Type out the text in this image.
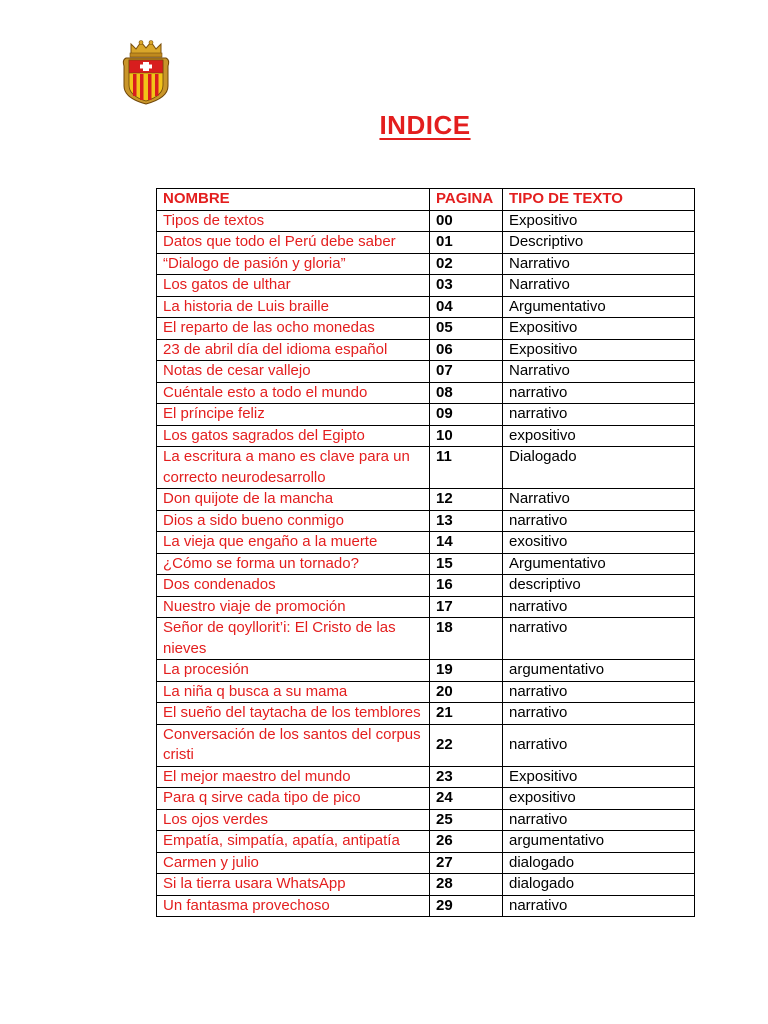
INDICE
NOMBRE	PAGINA	TIPO DE TEXTO
Tipos de textos	00	Expositivo
Datos que todo el Perú debe saber	01	Descriptivo
“Dialogo de pasión y gloria”	02	Narrativo
Los gatos de ulthar	03	Narrativo
La historia de Luis braille	04	Argumentativo
El reparto de las ocho monedas	05	Expositivo
23 de abril día del idioma español	06	Expositivo
Notas de cesar vallejo	07	Narrativo
Cuéntale esto a todo el mundo	08	narrativo
El príncipe feliz	09	narrativo
Los gatos sagrados del Egipto	10	expositivo
La escritura a mano es clave para un correcto neurodesarrollo	11	Dialogado
Don quijote de la mancha	12	Narrativo
Dios a sido bueno conmigo	13	narrativo
La vieja que engaño a la muerte	14	exositivo
¿Cómo se forma un tornado?	15	Argumentativo
Dos condenados	16	descriptivo
Nuestro viaje de promoción	17	narrativo
Señor de qoyllorit’i: El Cristo de las nieves	18	narrativo
La procesión	19	argumentativo
La niña q busca a su mama	20	narrativo
El sueño del taytacha de los temblores	21	narrativo
Conversación de los santos del corpus cristi	22	narrativo
El mejor maestro del mundo	23	Expositivo
Para q sirve cada tipo de pico	24	expositivo
Los ojos verdes	25	narrativo
Empatía, simpatía, apatía, antipatía	26	argumentativo
Carmen y julio	27	dialogado
Si la tierra usara WhatsApp	28	dialogado
Un fantasma provechoso	29	narrativo
